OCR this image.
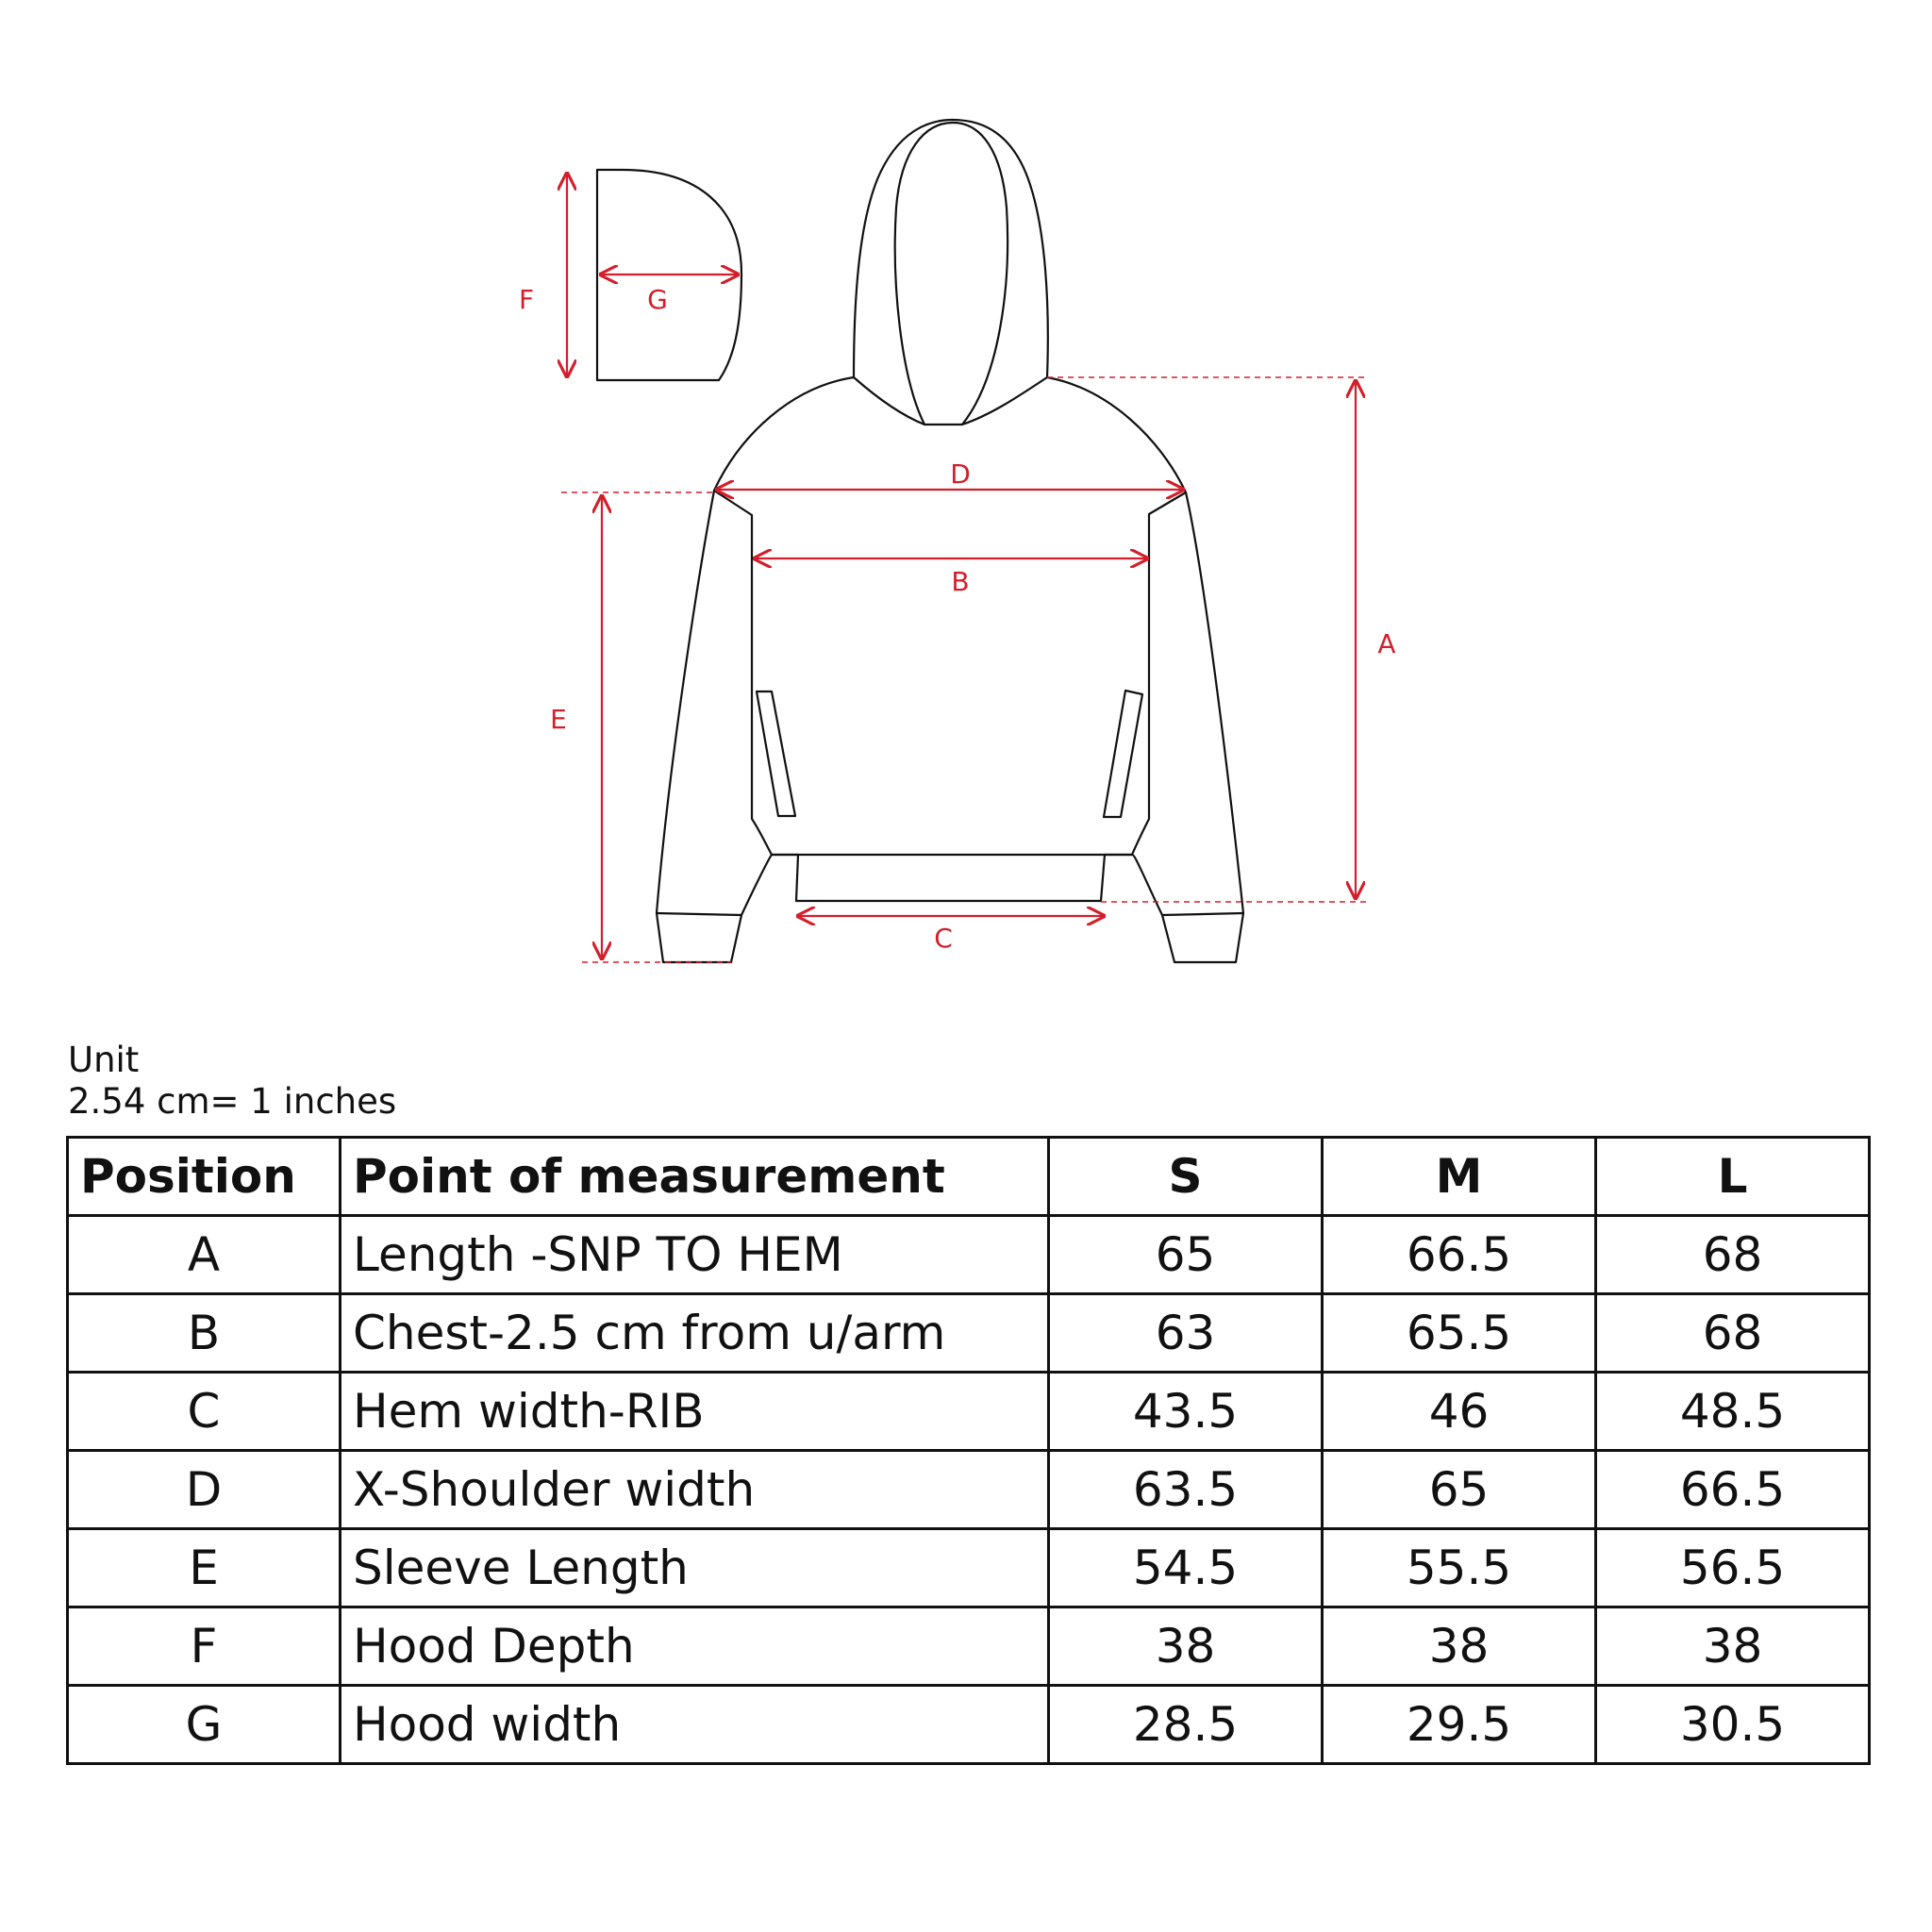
A
B
C
D
E
F	G
Unit
2.54 cm= 1 inches
Position	Point of measurement	S	M	L
A	Length -SNP TO HEM	65	66.5	68
B	Chest-2.5 cm from u/arm	63	65.5	68
C	Hem width-RIB	43.5	46	48.5
D	X-Shoulder width	63.5	65	66.5
E	Sleeve Length	54.5	55.5	56.5
F	Hood Depth	38	38	38
G	Hood width	28.5	29.5	30.5
